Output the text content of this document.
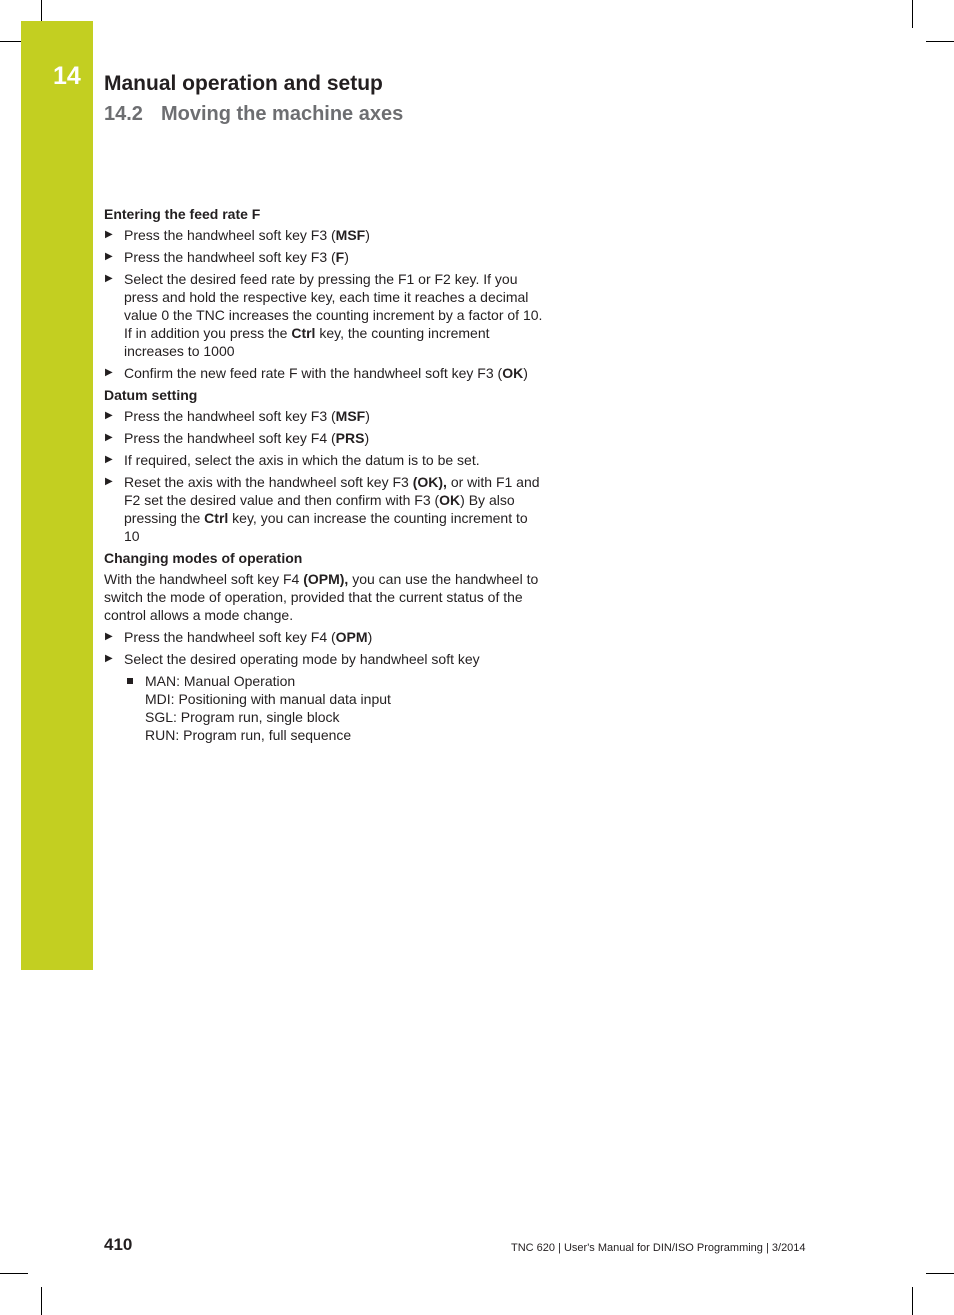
14 Manual operation and setup
14.2 Moving the machine axes
Entering the feed rate F
▶ Press the handwheel soft key F3 (MSF)
▶ Press the handwheel soft key F3 (F)
▶ Select the desired feed rate by pressing the F1 or F2 key. If you press and hold the respective key, each time it reaches a decimal value 0 the TNC increases the counting increment by a factor of 10. If in addition you press the Ctrl key, the counting increment increases to 1000
▶ Confirm the new feed rate F with the handwheel soft key F3 (OK)
Datum setting
▶ Press the handwheel soft key F3 (MSF)
▶ Press the handwheel soft key F4 (PRS)
▶ If required, select the axis in which the datum is to be set.
▶ Reset the axis with the handwheel soft key F3 (OK), or with F1 and F2 set the desired value and then confirm with F3 (OK) By also pressing the Ctrl key, you can increase the counting increment to 10
Changing modes of operation
With the handwheel soft key F4 (OPM), you can use the handwheel to switch the mode of operation, provided that the current status of the control allows a mode change.
▶ Press the handwheel soft key F4 (OPM)
▶ Select the desired operating mode by handwheel soft key
MAN: Manual Operation
MDI: Positioning with manual data input
SGL: Program run, single block
RUN: Program run, full sequence
410	TNC 620 | User's Manual for DIN/ISO Programming | 3/2014
